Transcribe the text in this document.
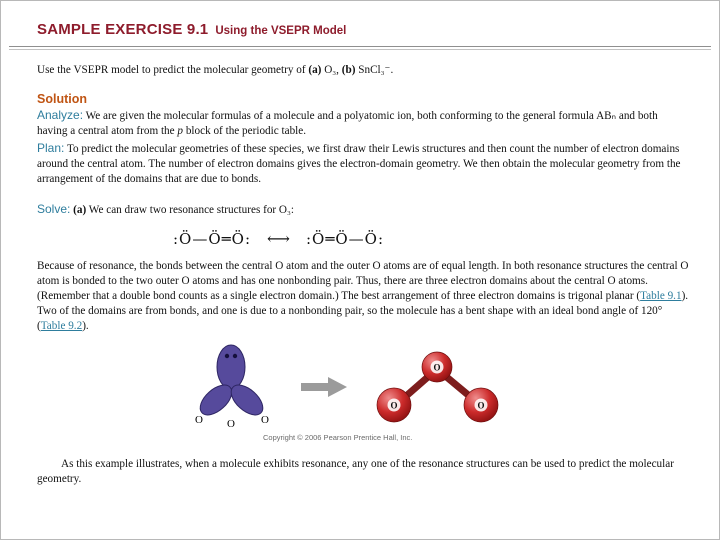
SAMPLE EXERCISE 9.1 Using the VSEPR Model

Use the VSEPR model to predict the molecular geometry of (a) O₃, (b) SnCl₃⁻.

Solution

Analyze: We are given the molecular formulas of a molecule and a polyatomic ion, both conforming to the general formula ABₙ and both having a central atom from the p block of the periodic table.

Plan: To predict the molecular geometries of these species, we first draw their Lewis structures and then count the number of electron domains around the central atom. The number of electron domains gives the electron-domain geometry. We then obtain the molecular geometry from the arrangement of the domains that are due to bonds.

Solve: (a) We can draw two resonance structures for O₃:

:Ö—Ö═Ö: ⟷ :Ö═Ö—Ö:

Because of resonance, the bonds between the central O atom and the outer O atoms are of equal length. In both resonance structures the central O atom is bonded to the two outer O atoms and has one nonbonding pair. Thus, there are three electron domains about the central O atoms. (Remember that a double bond counts as a single electron domain.) The best arrangement of three electron domains is trigonal planar (Table 9.1). Two of the domains are from bonds, and one is due to a nonbonding pair, so the molecule has a bent shape with an ideal bond angle of 120° (Table 9.2).

O O O
O
O	O
Copyright © 2006 Pearson Prentice Hall, Inc.

As this example illustrates, when a molecule exhibits resonance, any one of the resonance structures can be used to predict the molecular geometry.
